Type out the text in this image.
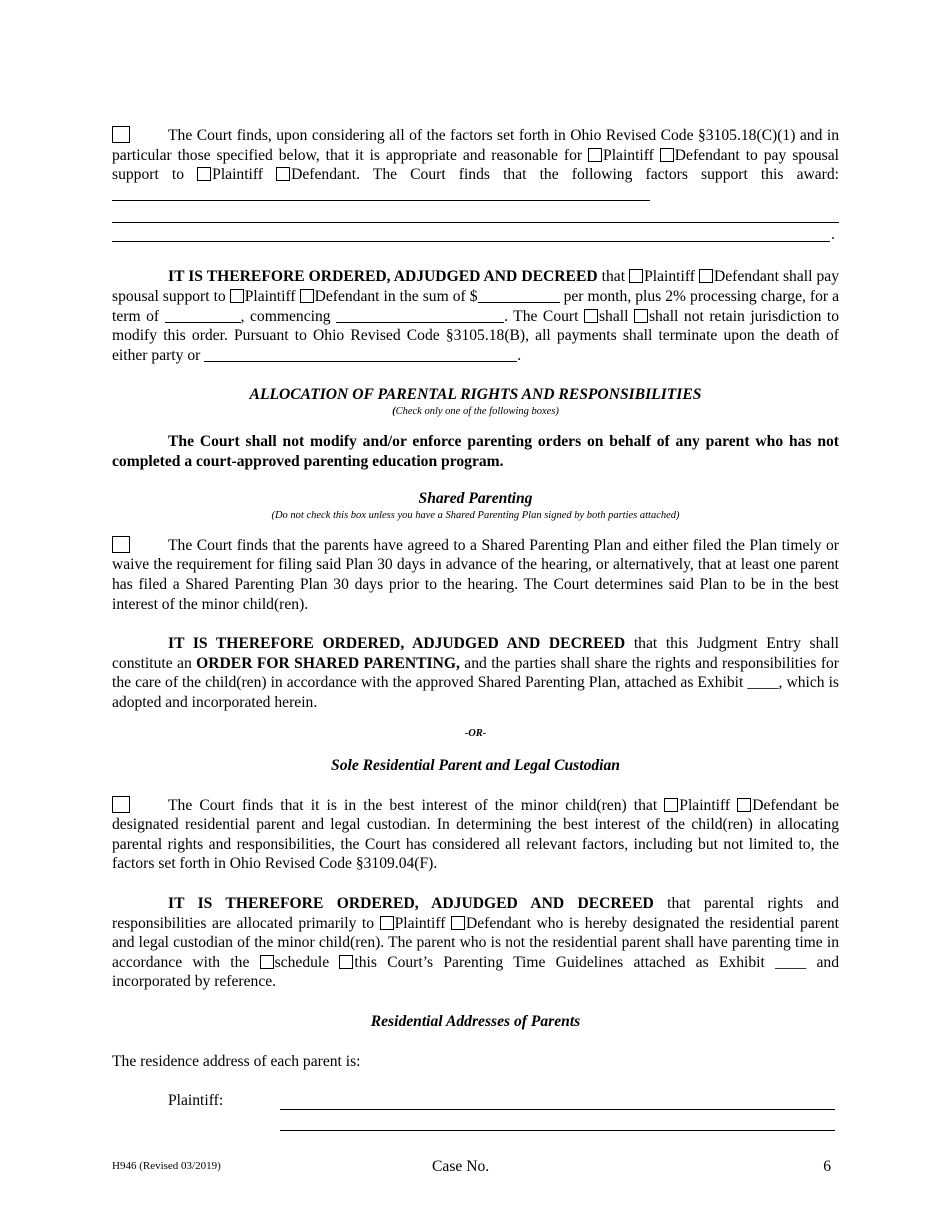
The Court finds, upon considering all of the factors set forth in Ohio Revised Code §3105.18(C)(1) and in particular those specified below, that it is appropriate and reasonable for Plaintiff Defendant to pay spousal support to Plaintiff Defendant. The Court finds that the following factors support this award:

.

IT IS THEREFORE ORDERED, ADJUDGED AND DECREED that Plaintiff Defendant shall pay spousal support to Plaintiff Defendant in the sum of $	per month, plus 2% processing charge, for a term of	, commencing	. The Court shall shall not retain jurisdiction to modify this order. Pursuant to Ohio Revised Code §3105.18(B), all payments shall terminate upon the death of either party or	.

ALLOCATION OF PARENTAL RIGHTS AND RESPONSIBILITIES

(Check only one of the following boxes)

The Court shall not modify and/or enforce parenting orders on behalf of any parent who has not completed a court-approved parenting education program.

Shared Parenting

(Do not check this box unless you have a Shared Parenting Plan signed by both parties attached)

The Court finds that the parents have agreed to a Shared Parenting Plan and either filed the Plan timely or waive the requirement for filing said Plan 30 days in advance of the hearing, or alternatively, that at least one parent has filed a Shared Parenting Plan 30 days prior to the hearing. The Court determines said Plan to be in the best interest of the minor child(ren).

IT IS THEREFORE ORDERED, ADJUDGED AND DECREED that this Judgment Entry shall constitute an ORDER FOR SHARED PARENTING, and the parties shall share the rights and responsibilities for the care of the child(ren) in accordance with the approved Shared Parenting Plan, attached as Exhibit ____, which is adopted and incorporated herein.

-OR-

Sole Residential Parent and Legal Custodian

The Court finds that it is in the best interest of the minor child(ren) that Plaintiff Defendant be designated residential parent and legal custodian. In determining the best interest of the child(ren) in allocating parental rights and responsibilities, the Court has considered all relevant factors, including but not limited to, the factors set forth in Ohio Revised Code §3109.04(F).

IT IS THEREFORE ORDERED, ADJUDGED AND DECREED that parental rights and responsibilities are allocated primarily to Plaintiff Defendant who is hereby designated the residential parent and legal custodian of the minor child(ren). The parent who is not the residential parent shall have parenting time in accordance with the schedule this Court’s Parenting Time Guidelines attached as Exhibit ____ and incorporated by reference.

Residential Addresses of Parents

The residence address of each parent is:

Plaintiff:
H946 (Revised 03/2019)	Case No.	6
